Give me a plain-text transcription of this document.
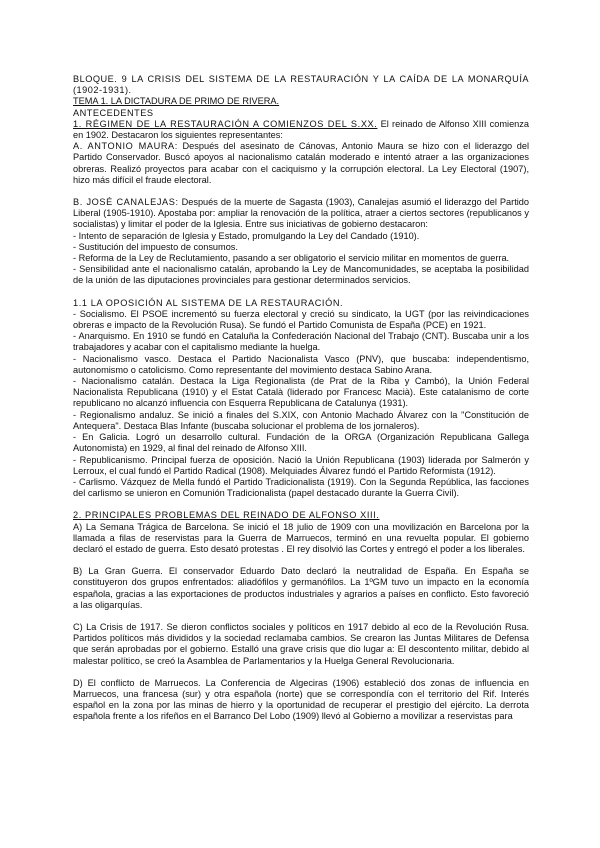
BLOQUE. 9 LA CRISIS DEL SISTEMA DE LA RESTAURACIÓN Y LA CAÍDA DE LA MONARQUÍA (1902-1931).

TEMA 1. LA DICTADURA DE PRIMO DE RIVERA.

ANTECEDENTES

1. RÉGIMEN DE LA RESTAURACIÓN A COMIENZOS DEL S.XX. El reinado de Alfonso XIII comienza en 1902. Destacaron los siguientes representantes:

A. ANTONIO MAURA: Después del asesinato de Cánovas, Antonio Maura se hizo con el liderazgo del Partido Conservador. Buscó apoyos al nacionalismo catalán moderado e intentó atraer a las organizaciones obreras. Realizó proyectos para acabar con el caciquismo y la corrupción electoral. La Ley Electoral (1907), hizo más difícil el fraude electoral.

B. JOSÉ CANALEJAS: Después de la muerte de Sagasta (1903), Canalejas asumió el liderazgo del Partido Liberal (1905-1910). Apostaba por: ampliar la renovación de la política, atraer a ciertos sectores (republicanos y socialistas) y limitar el poder de la Iglesia. Entre sus iniciativas de gobierno destacaron:

- Intento de separación de Iglesia y Estado, promulgando la Ley del Candado (1910).

- Sustitución del impuesto de consumos.

- Reforma de la Ley de Reclutamiento, pasando a ser obligatorio el servicio militar en momentos de guerra.

- Sensibilidad ante el nacionalismo catalán, aprobando la Ley de Mancomunidades, se aceptaba la posibilidad de la unión de las diputaciones provinciales para gestionar determinados servicios.

1.1 LA OPOSICIÓN AL SISTEMA DE LA RESTAURACIÓN.

- Socialismo. El PSOE incrementó su fuerza electoral y creció su sindicato, la UGT (por las reivindicaciones obreras e impacto de la Revolución Rusa). Se fundó el Partido Comunista de España (PCE) en 1921.

- Anarquismo. En 1910 se fundó en Cataluña la Confederación Nacional del Trabajo (CNT). Buscaba unir a los trabajadores y acabar con el capitalismo mediante la huelga.

- Nacionalismo vasco. Destaca el Partido Nacionalista Vasco (PNV), que buscaba: independentismo, autonomismo o catolicismo. Como representante del movimiento destaca Sabino Arana.

- Nacionalismo catalán. Destaca la Liga Regionalista (de Prat de la Riba y Cambó), la Unión Federal Nacionalista Republicana (1910) y el Estat Català (liderado por Francesc Macià). Este catalanismo de corte republicano no alcanzó influencia con Esquerra Republicana de Catalunya (1931).

- Regionalismo andaluz. Se inició a finales del S.XIX, con Antonio Machado Álvarez con la "Constitución de Antequera". Destaca Blas Infante (buscaba solucionar el problema de los jornaleros).

- En Galicia. Logró un desarrollo cultural. Fundación de la ORGA (Organización Republicana Gallega Autonomista) en 1929, al final del reinado de Alfonso XIII.

- Republicanismo. Principal fuerza de oposición. Nació la Unión Republicana (1903) liderada por Salmerón y Lerroux, el cual fundó el Partido Radical (1908). Melquiades Álvarez fundó el Partido Reformista (1912).

- Carlismo. Vázquez de Mella fundó el Partido Tradicionalista (1919). Con la Segunda República, las facciones del carlismo se unieron en Comunión Tradicionalista (papel destacado durante la Guerra Civil).

2. PRINCIPALES PROBLEMAS DEL REINADO DE ALFONSO XIII.

A) La Semana Trágica de Barcelona. Se inició el 18 julio de 1909 con una movilización en Barcelona por la llamada a filas de reservistas para la Guerra de Marruecos, terminó en una revuelta popular. El gobierno declaró el estado de guerra. Esto desató protestas . El rey disolvió las Cortes y entregó el poder a los liberales.

B) La Gran Guerra. El conservador Eduardo Dato declaró la neutralidad de España. En España se constituyeron dos grupos enfrentados: aliadófilos y germanófilos. La 1ºGM tuvo un impacto en la economía española, gracias a las exportaciones de productos industriales y agrarios a países en conflicto. Esto favoreció a las oligarquías.

C) La Crisis de 1917. Se dieron conflictos sociales y políticos en 1917 debido al eco de la Revolución Rusa. Partidos políticos más divididos y la sociedad reclamaba cambios. Se crearon las Juntas Militares de Defensa que serán aprobadas por el gobierno. Estalló una grave crisis que dio lugar a: El descontento militar, debido al malestar político, se creó la Asamblea de Parlamentarios y la Huelga General Revolucionaria.

D) El conflicto de Marruecos. La Conferencia de Algeciras (1906) estableció dos zonas de influencia en Marruecos, una francesa (sur) y otra española (norte) que se correspondía con el territorio del Rif. Interés español en la zona por las minas de hierro y la oportunidad de recuperar el prestigio del ejército. La derrota española frente a los rifeños en el Barranco Del Lobo (1909) llevó al Gobierno a movilizar a reservistas para
